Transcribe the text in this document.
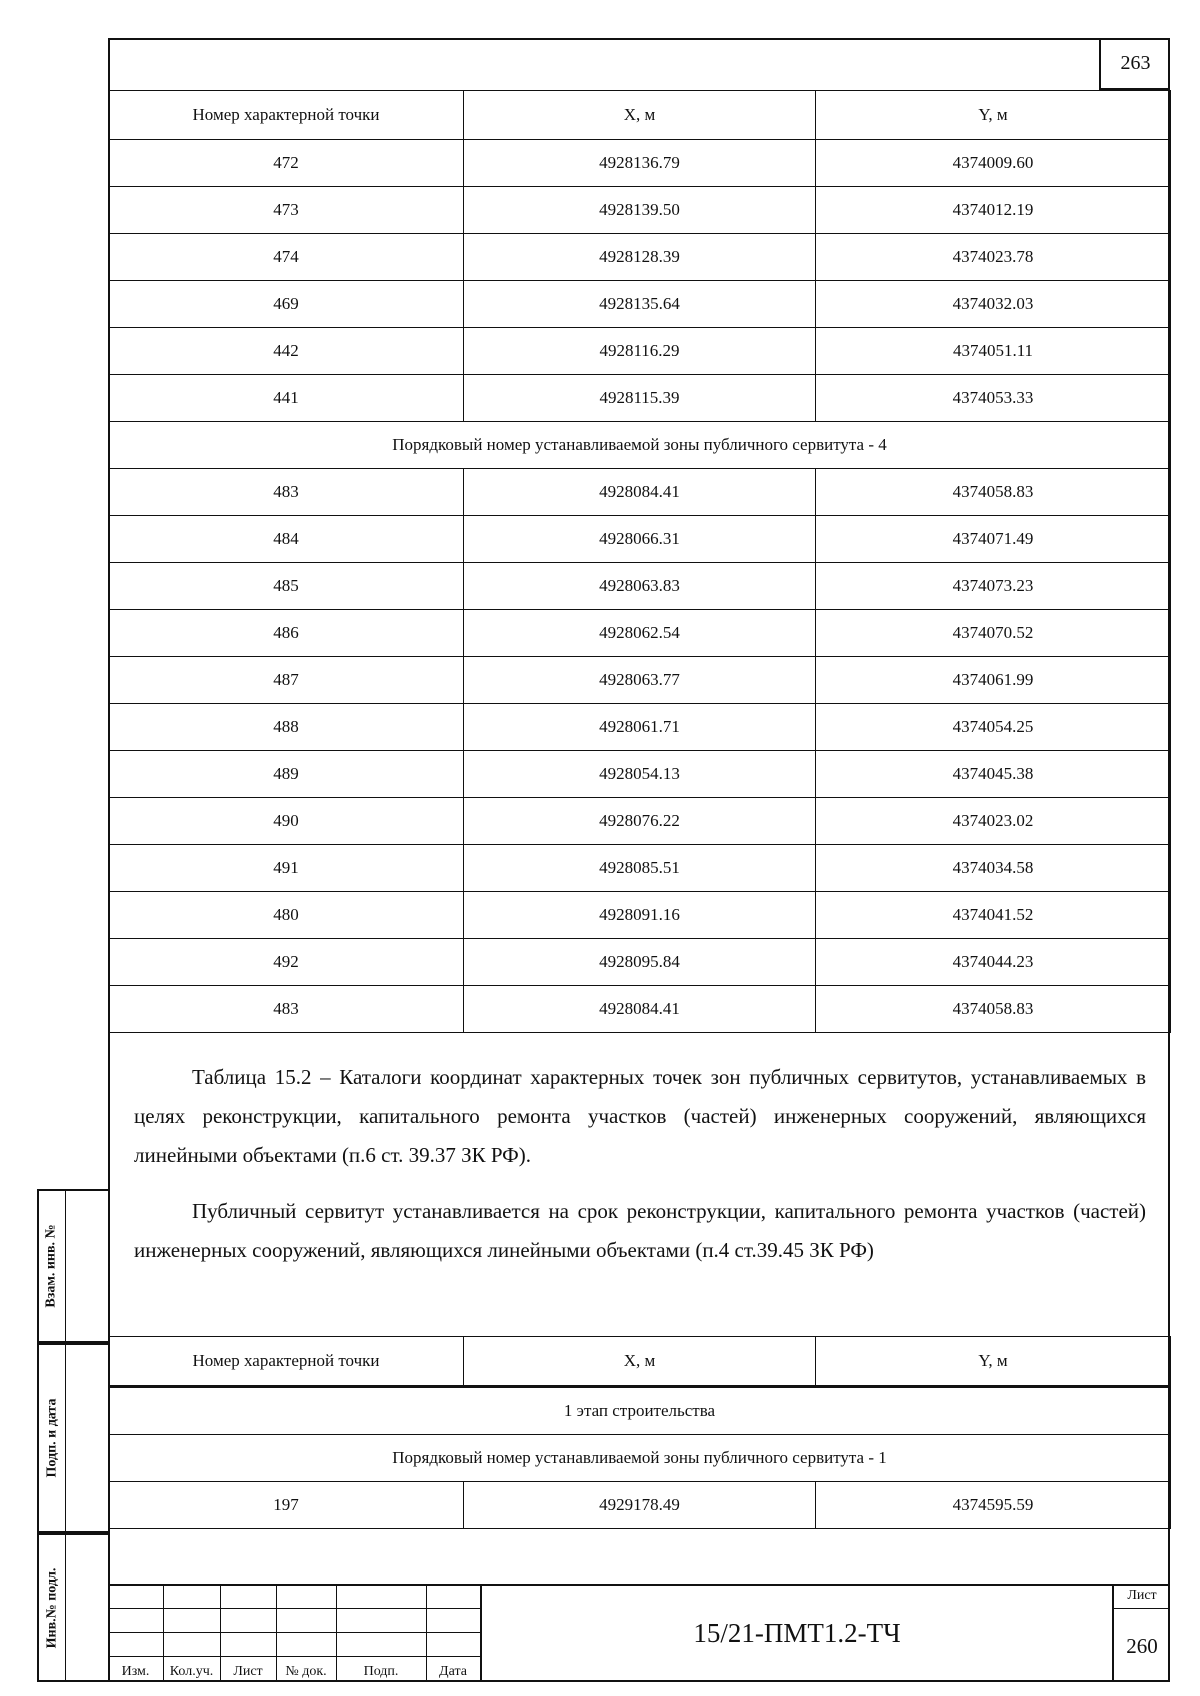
263
Номер характерной точки	X, м	Y, м
472	4928136.79	4374009.60
473	4928139.50	4374012.19
474	4928128.39	4374023.78
469	4928135.64	4374032.03
442	4928116.29	4374051.11
441	4928115.39	4374053.33
Порядковый номер устанавливаемой зоны публичного сервитута - 4		
483	4928084.41	4374058.83
484	4928066.31	4374071.49
485	4928063.83	4374073.23
486	4928062.54	4374070.52
487	4928063.77	4374061.99
488	4928061.71	4374054.25
489	4928054.13	4374045.38
490	4928076.22	4374023.02
491	4928085.51	4374034.58
480	4928091.16	4374041.52
492	4928095.84	4374044.23
483	4928084.41	4374058.83

Таблица 15.2 – Каталоги координат характерных точек зон публичных сервитутов, устанавливаемых в целях реконструкции, капитального ремонта участков (частей) инженерных сооружений, являющихся линейными объектами (п.6 ст. 39.37 ЗК РФ).

Публичный сервитут устанавливается на срок реконструкции, капитального ремонта участков (частей) инженерных сооружений, являющихся линейными объектами (п.4 ст.39.45 ЗК РФ)

Номер характерной точки	X, м	Y, м
1 этап строительства		
Порядковый номер устанавливаемой зоны публичного сервитута - 1		
197	4929178.49	4374595.59
Взам. инв. №
Подп. и дата
Инв.№ подл.
Изм.	Кол.уч.	Лист	№ док.	Подп.	Дата
15/21-ПМТ1.2-ТЧ
Лист
260
